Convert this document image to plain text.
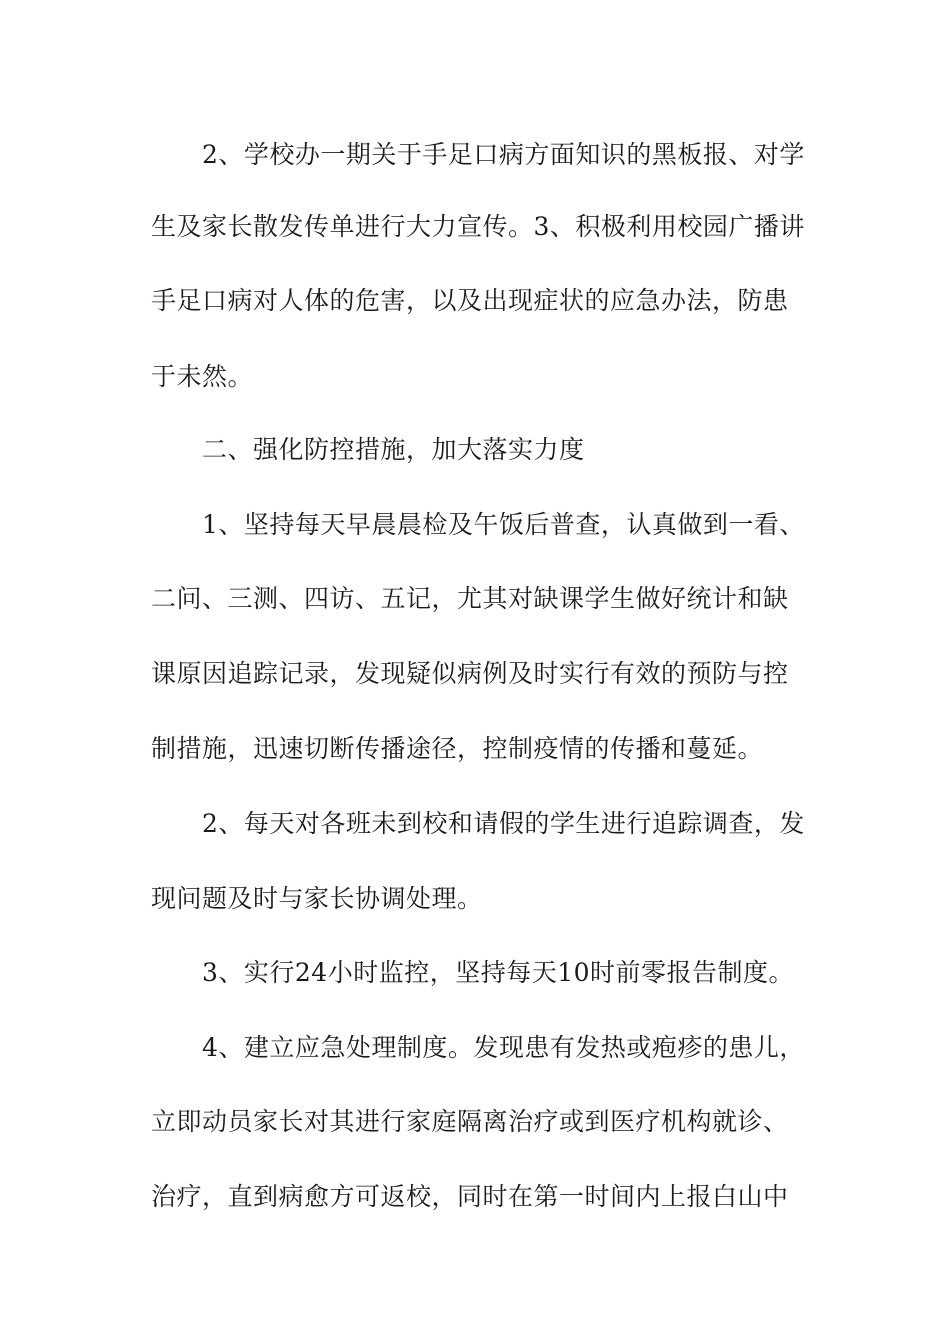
2、学校办一期关于手足口病方面知识的黑板报、对学
生及家长散发传单进行大力宣传。3、积极利用校园广播讲
手足口病对人体的危害，以及出现症状的应急办法，防患
于未然。
二、强化防控措施，加大落实力度
1、坚持每天早晨晨检及午饭后普查，认真做到一看、
二问、三测、四访、五记，尤其对缺课学生做好统计和缺
课原因追踪记录，发现疑似病例及时实行有效的预防与控
制措施，迅速切断传播途径，控制疫情的传播和蔓延。
2、每天对各班未到校和请假的学生进行追踪调查，发
现问题及时与家长协调处理。
3、实行24小时监控，坚持每天10时前零报告制度。
4、建立应急处理制度。发现患有发热或疱疹的患儿，
立即动员家长对其进行家庭隔离治疗或到医疗机构就诊、
治疗，直到病愈方可返校，同时在第一时间内上报白山中
